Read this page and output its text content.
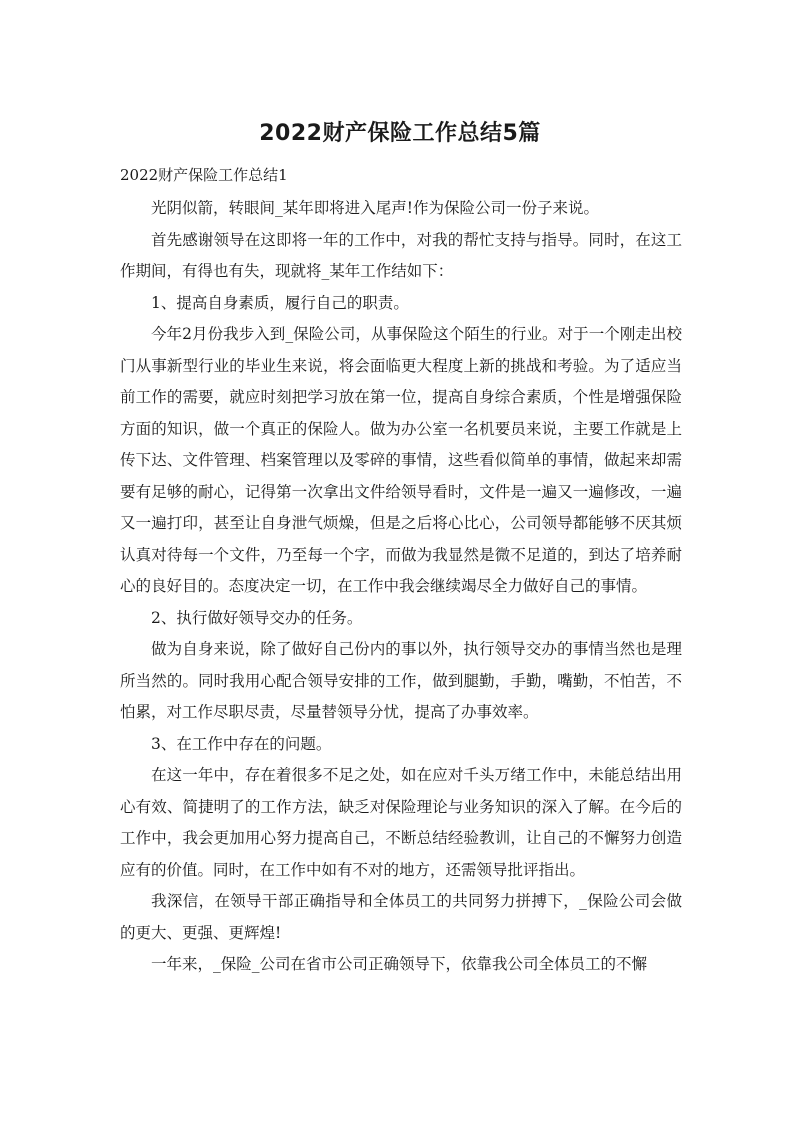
2022财产保险工作总结5篇
2022财产保险工作总结1

光阴似箭，转眼间_某年即将进入尾声!作为保险公司一份子来说。

首先感谢领导在这即将一年的工作中，对我的帮忙支持与指导。同时，在这工作期间，有得也有失，现就将_某年工作结如下：

1、提高自身素质，履行自己的职责。

今年2月份我步入到_保险公司，从事保险这个陌生的行业。对于一个刚走出校门从事新型行业的毕业生来说，将会面临更大程度上新的挑战和考验。为了适应当前工作的需要，就应时刻把学习放在第一位，提高自身综合素质，个性是增强保险方面的知识，做一个真正的保险人。做为办公室一名机要员来说，主要工作就是上传下达、文件管理、档案管理以及零碎的事情，这些看似简单的事情，做起来却需要有足够的耐心，记得第一次拿出文件给领导看时，文件是一遍又一遍修改，一遍又一遍打印，甚至让自身泄气烦燥，但是之后将心比心，公司领导都能够不厌其烦认真对待每一个文件，乃至每一个字，而做为我显然是微不足道的，到达了培养耐心的良好目的。态度决定一切，在工作中我会继续竭尽全力做好自己的事情。

2、执行做好领导交办的任务。

做为自身来说，除了做好自己份内的事以外，执行领导交办的事情当然也是理所当然的。同时我用心配合领导安排的工作，做到腿勤，手勤，嘴勤，不怕苦，不怕累，对工作尽职尽责，尽量替领导分忧，提高了办事效率。

3、在工作中存在的问题。

在这一年中，存在着很多不足之处，如在应对千头万绪工作中，未能总结出用心有效、简捷明了的工作方法，缺乏对保险理论与业务知识的深入了解。在今后的工作中，我会更加用心努力提高自己，不断总结经验教训，让自己的不懈努力创造应有的价值。同时，在工作中如有不对的地方，还需领导批评指出。

我深信，在领导干部正确指导和全体员工的共同努力拼搏下，_保险公司会做的更大、更强、更辉煌!

一年来，_保险_公司在省市公司正确领导下，依靠我公司全体员工的不懈
